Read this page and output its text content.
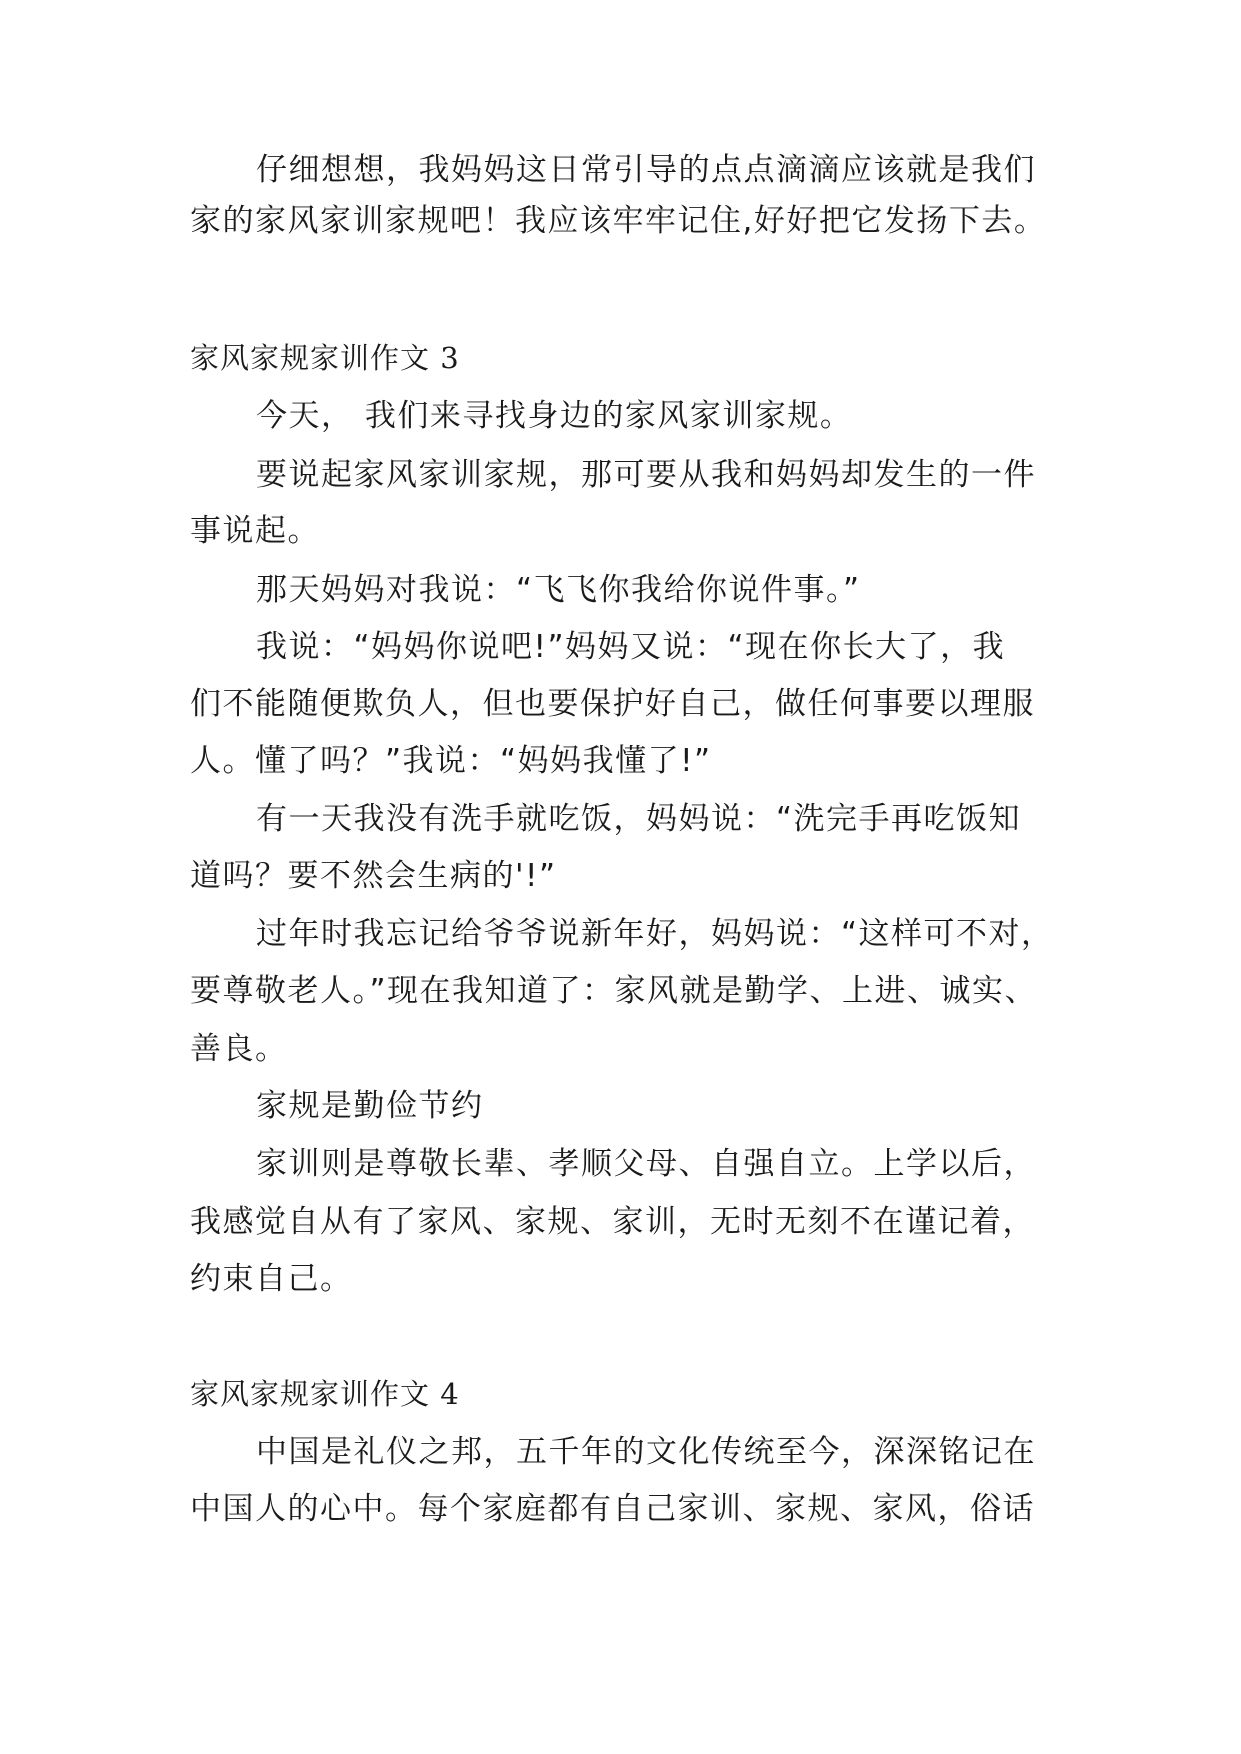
仔细想想，我妈妈这日常引导的点点滴滴应该就是我们
家的家风家训家规吧！我应该牢牢记住,好好把它发扬下去。
家风家规家训作文 3
今天， 我们来寻找身边的家风家训家规。
要说起家风家训家规，那可要从我和妈妈却发生的一件
事说起。
那天妈妈对我说：“飞飞你我给你说件事。”
我说：“妈妈你说吧!”妈妈又说：“现在你长大了，我
们不能随便欺负人，但也要保护好自己，做任何事要以理服
人。懂了吗？”我说：“妈妈我懂了!”
有一天我没有洗手就吃饭，妈妈说：“洗完手再吃饭知
道吗？要不然会生病的'!”
过年时我忘记给爷爷说新年好，妈妈说：“这样可不对，
要尊敬老人。”现在我知道了：家风就是勤学、上进、诚实、
善良。
家规是勤俭节约
家训则是尊敬长辈、孝顺父母、自强自立。上学以后，
我感觉自从有了家风、家规、家训，无时无刻不在谨记着，
约束自己。
家风家规家训作文 4
中国是礼仪之邦，五千年的文化传统至今，深深铭记在
中国人的心中。每个家庭都有自己家训、家规、家风，俗话
